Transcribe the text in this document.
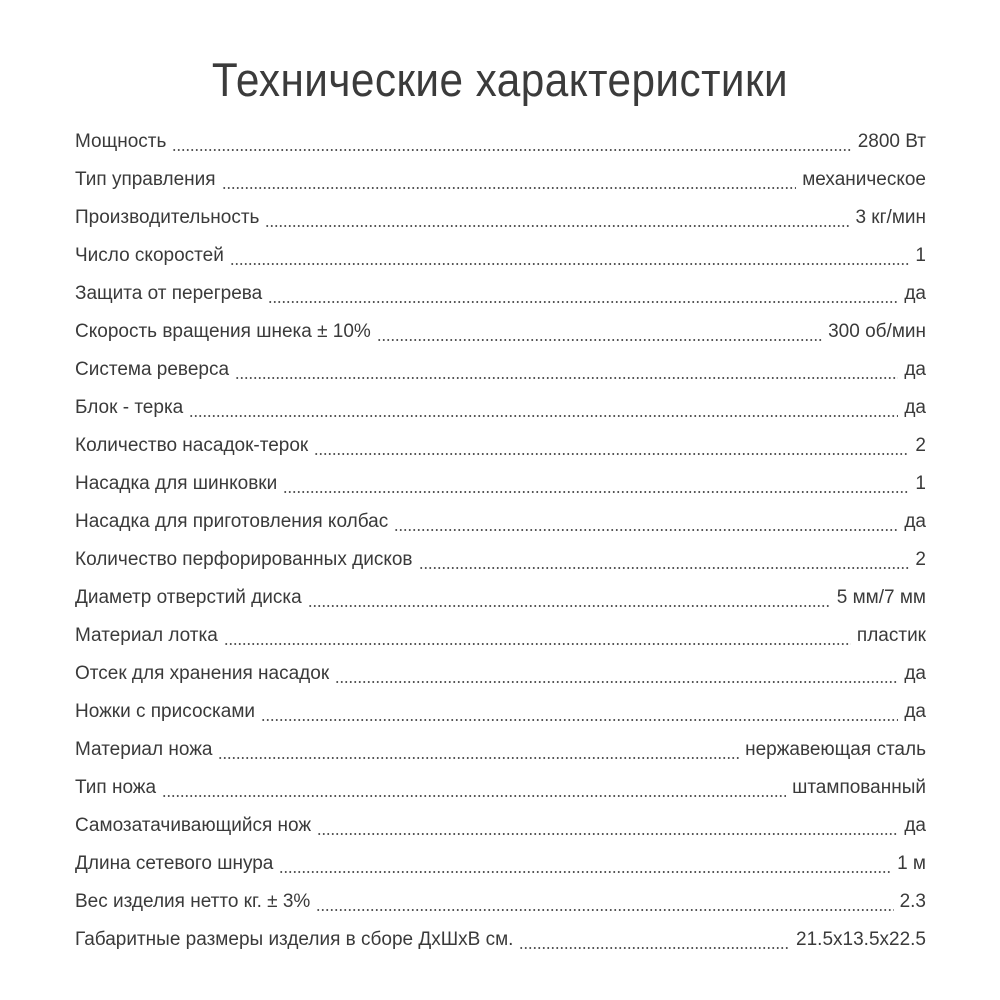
Технические характеристики
Мощность	2800 Вт
Тип управления	механическое
Производительность	3 кг/мин
Число скоростей	1
Защита от перегрева	да
Скорость вращения шнека ± 10%	300 об/мин
Система реверса	да
Блок - терка	да
Количество насадок-терок	2
Насадка для шинковки	1
Насадка для приготовления колбас	да
Количество перфорированных дисков	2
Диаметр отверстий диска	5 мм/7 мм
Материал лотка	пластик
Отсек для хранения насадок	да
Ножки с присосками	да
Материал ножа	нержавеющая сталь
Тип ножа	штампованный
Самозатачивающийся нож	да
Длина сетевого шнура	1 м
Вес изделия нетто кг. ± 3%	2.3
Габаритные размеры изделия в сборе ДхШхВ см.	21.5x13.5x22.5
